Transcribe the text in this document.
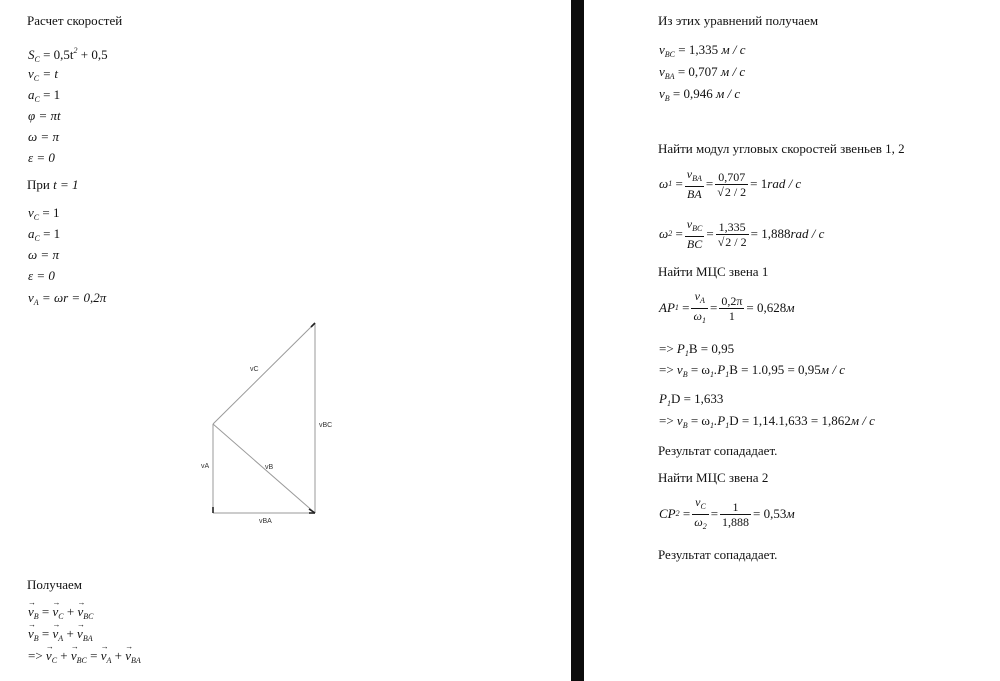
Расчет скоростей
$S_C = 0,5t^2 + 0,5$
$v_C = t$
$a_C = 1$
φ = πt
ω = π
ε = 0
При t = 1
$v_C = 1$
$a_C = 1$
ω = π
ε = 0
$v_A = \omega r = 0,2\pi$
vC
vBC
vA	vB
vBA
Получаем
→ $v_B$ = → $v_C$ + → $v_{BC}$
→ $v_B$ = → $v_A$ + → $v_{BA}$
=> → $v_C$ + → $v_{BC}$ = → $v_A$ + → $v_{BA}$
Из этих уравнений получаем
$v_{BC} = 1,335$ м / с
$v_{BA} = 0,707$ м / с
$v_B = 0,946$ м / с
Найти модул угловых скоростей звеньев 1, 2
ω $1 = \frac{v_{BA}}{BA} = \frac{0,707}{√2 / 2} = 1$ rad / c
ω $2 = \frac{v_{BC}}{BC} = \frac{1,335}{√2 / 2} = 1,888$ rad / c
Найти МЦС звена 1
AP $1 = \frac{v_A}{\omega_1} = \frac{0,2\pi}{1} = 0,628$ м
=> $P_1B = 0,95$
=> $v_B = \omega_1.P_1B = 1.0,95 = 0,95м / с$
$P_1D = 1,633$
=> $v_B = \omega_1.P_1D = 1,14.1,633 = 1,862м / с$
Результат сопададает.
Найти МЦС звена 2
CP $2 = \frac{v_C}{\omega_2} = \frac{1}{1,888} = 0,53$ м
Результат сопададает.
